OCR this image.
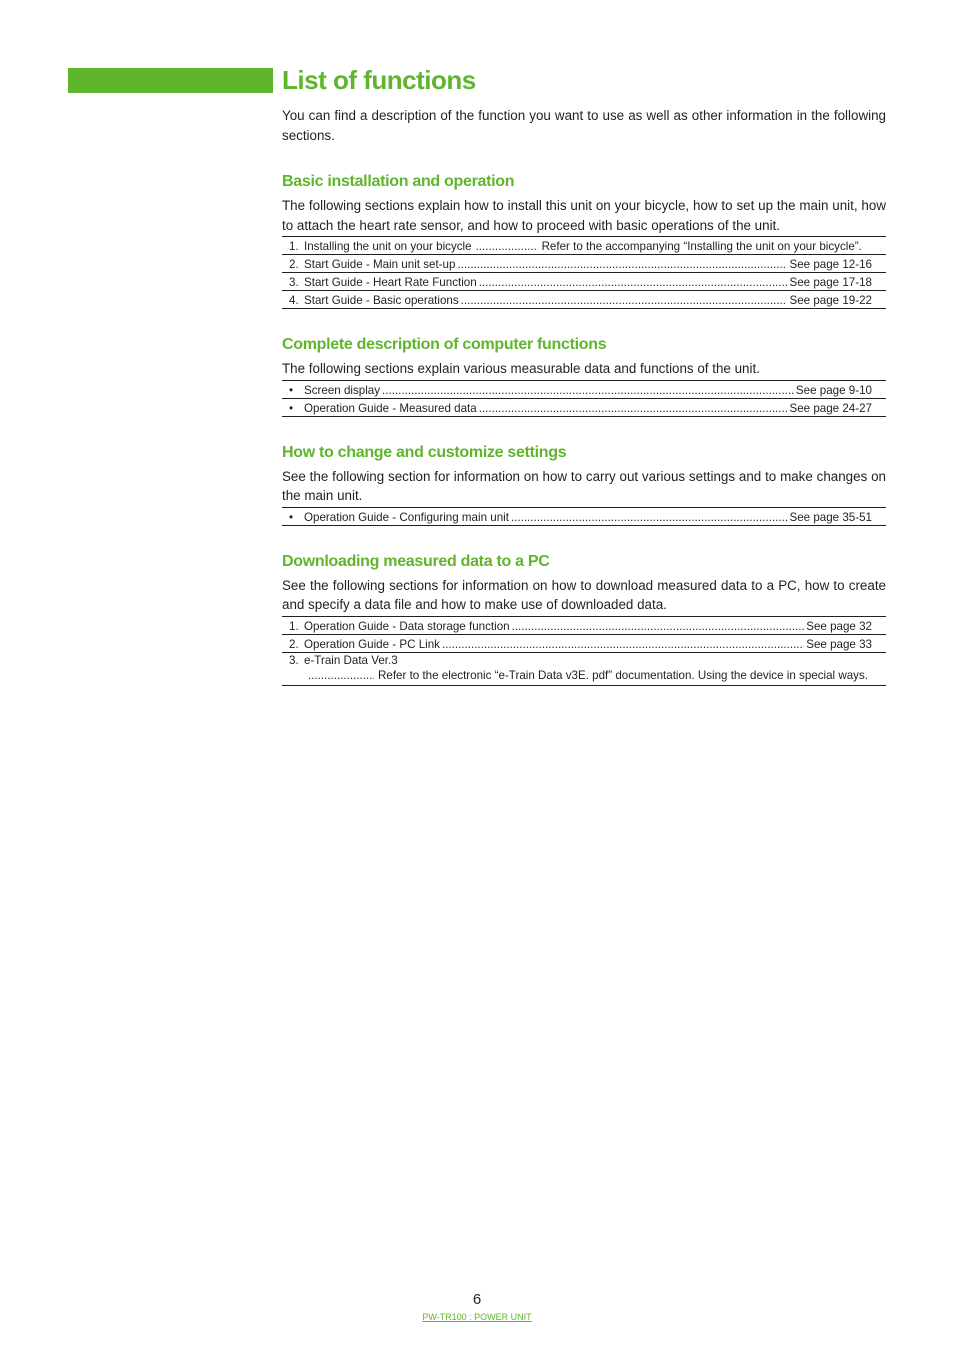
List of functions

You can find a description of the function you want to use as well as other information in the following sections.

Basic installation and operation

The following sections explain how to install this unit on your bicycle, how to set up the main unit, how to attach the heart rate sensor, and how to proceed with basic operations of the unit.

1. Installing the unit on your bicycle .....	Refer to the accompanying “Installing the unit on your bicycle”.
2. Start Guide - Main unit set-up .....	See page 12-16
3. Start Guide - Heart Rate Function .....	See page 17-18
4. Start Guide - Basic operations .....	See page 19-22
Complete description of computer functions

The following sections explain various measurable data and functions of the unit.

• Screen display .....	See page 9-10
• Operation Guide - Measured data .....	See page 24-27
How to change and customize settings

See the following section for information on how to carry out various settings and to make changes on the main unit.

• Operation Guide - Configuring main unit .....	See page 35-51
Downloading measured data to a PC

See the following sections for information on how to download measured data to a PC, how to create and specify a data file and how to make use of downloaded data.

1. Operation Guide - Data storage function .....	See page 32
2. Operation Guide - PC Link .....	See page 33
3. e-Train Data Ver.3
.....
Refer to the electronic “e-Train Data v3E. pdf” documentation. Using the device in special ways.
6
PW-TR100 : POWER UNIT
